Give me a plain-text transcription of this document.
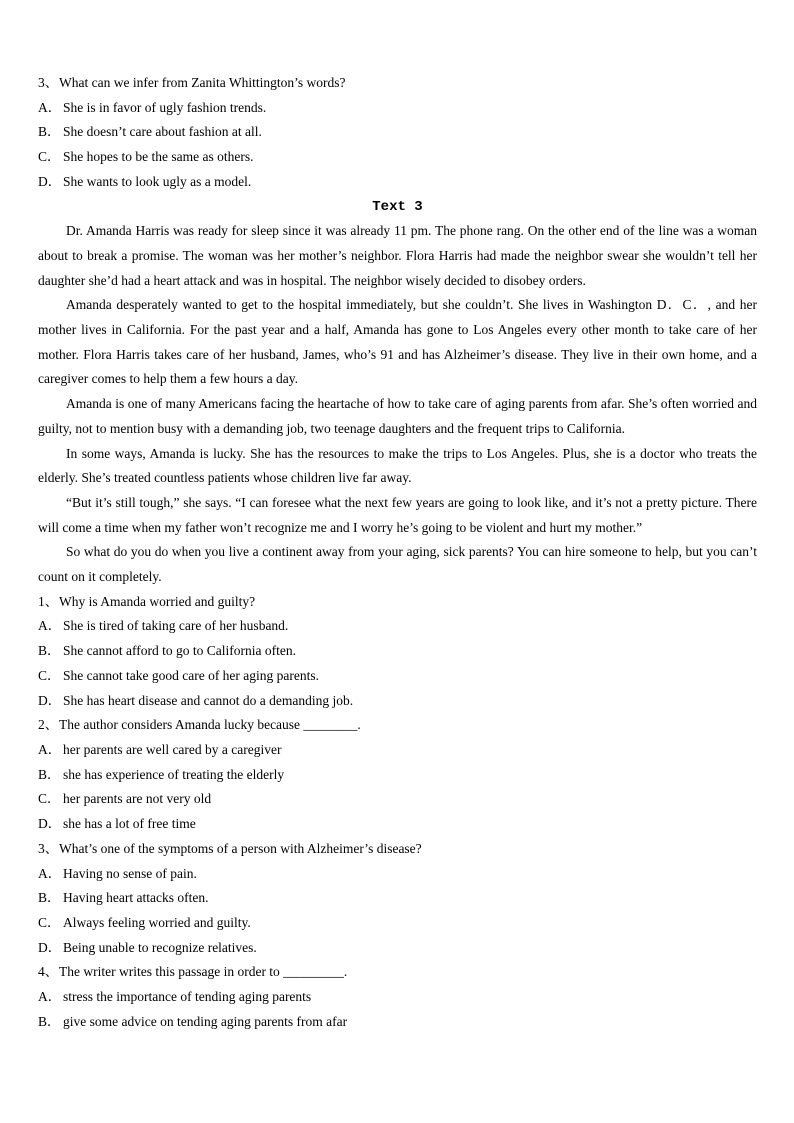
3、What can we infer from Zanita Whittington’s words?
A． She is in favor of ugly fashion trends.
B． She doesn’t care about fashion at all.
C． She hopes to be the same as others.
D． She wants to look ugly as a model.
Text 3

Dr. Amanda Harris was ready for sleep since it was already 11 pm. The phone rang. On the other end of the line was a woman about to break a promise. The woman was her mother’s neighbor. Flora Harris had made the neighbor swear she wouldn’t tell her daughter she’d had a heart attack and was in hospital. The neighbor wisely decided to disobey orders.

Amanda desperately wanted to get to the hospital immediately, but she couldn’t. She lives in Washington D．C．, and her mother lives in California. For the past year and a half, Amanda has gone to Los Angeles every other month to take care of her mother. Flora Harris takes care of her husband, James, who’s 91 and has Alzheimer’s disease. They live in their own home, and a caregiver comes to help them a few hours a day.

Amanda is one of many Americans facing the heartache of how to take care of aging parents from afar. She’s often worried and guilty, not to mention busy with a demanding job, two teenage daughters and the frequent trips to California.

In some ways, Amanda is lucky. She has the resources to make the trips to Los Angeles. Plus, she is a doctor who treats the elderly. She’s treated countless patients whose children live far away.

“But it’s still tough,” she says. “I can foresee what the next few years are going to look like, and it’s not a pretty picture. There will come a time when my father won’t recognize me and I worry he’s going to be violent and hurt my mother.”

So what do you do when you live a continent away from your aging, sick parents? You can hire someone to help, but you can’t count on it completely.

1、Why is Amanda worried and guilty?
A． She is tired of taking care of her husband.
B． She cannot afford to go to California often.
C． She cannot take good care of her aging parents.
D． She has heart disease and cannot do a demanding job.
2、The author considers Amanda lucky because ________.
A． her parents are well cared by a caregiver
B． she has experience of treating the elderly
C． her parents are not very old
D． she has a lot of free time
3、What’s one of the symptoms of a person with Alzheimer’s disease?
A． Having no sense of pain.
B． Having heart attacks often.
C． Always feeling worried and guilty.
D． Being unable to recognize relatives.
4、The writer writes this passage in order to _________.
A． stress the importance of tending aging parents
B． give some advice on tending aging parents from afar
